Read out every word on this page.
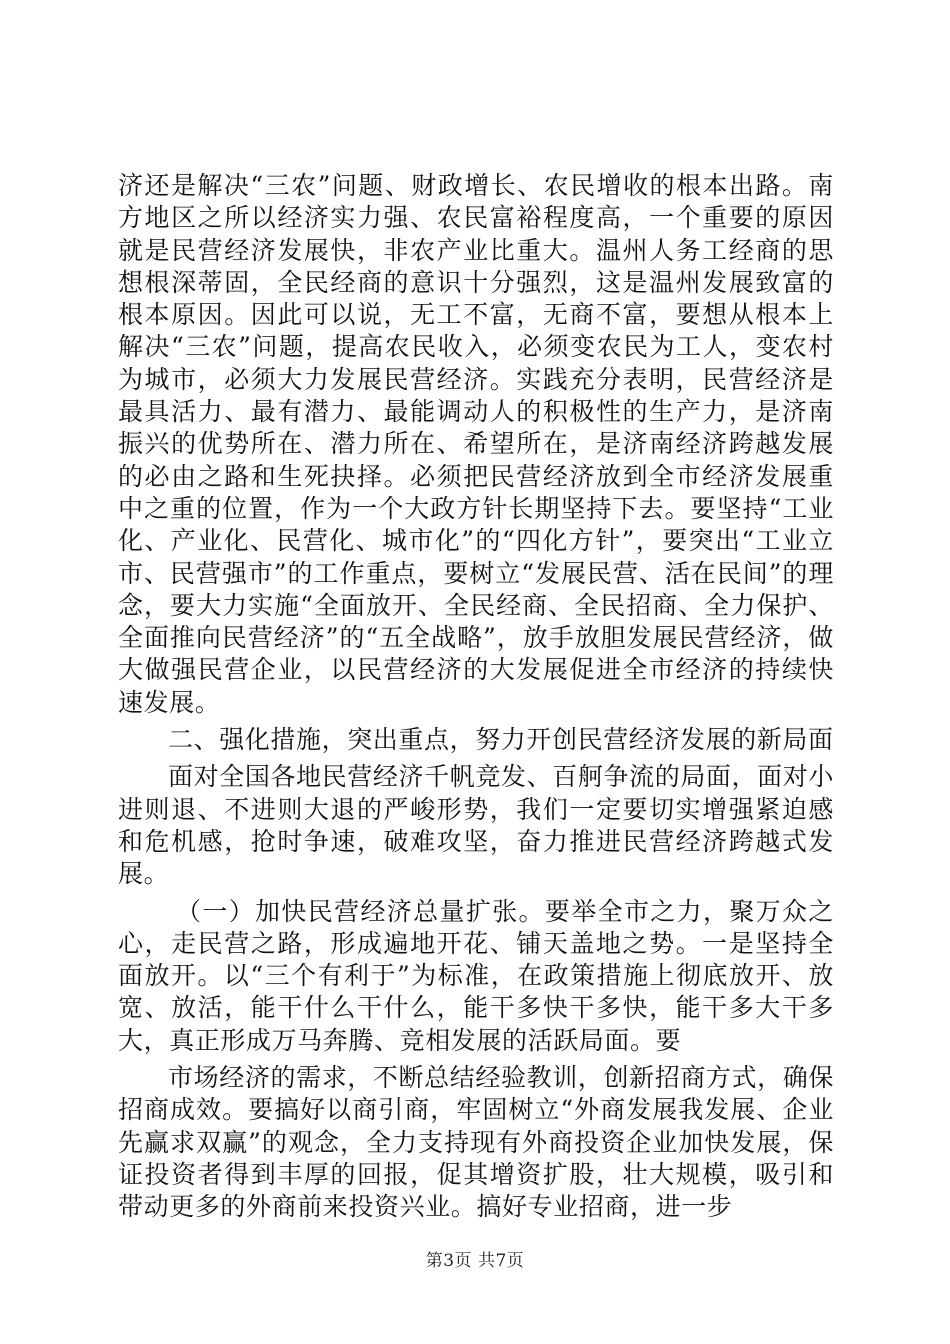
济还是解决“三农”问题、财政增长、农民增收的根本出路。南方地区之所以经济实力强、农民富裕程度高，一个重要的原因就是民营经济发展快，非农产业比重大。温州人务工经商的思想根深蒂固，全民经商的意识十分强烈，这是温州发展致富的根本原因。因此可以说，无工不富，无商不富，要想从根本上解决“三农”问题，提高农民收入，必须变农民为工人，变农村为城市，必须大力发展民营经济。实践充分表明，民营经济是最具活力、最有潜力、最能调动人的积极性的生产力，是济南振兴的优势所在、潜力所在、希望所在，是济南经济跨越发展的必由之路和生死抉择。必须把民营经济放到全市经济发展重中之重的位置，作为一个大政方针长期坚持下去。要坚持“工业化、产业化、民营化、城市化”的“四化方针”，要突出“工业立市、民营强市”的工作重点，要树立“发展民营、活在民间”的理念，要大力实施“全面放开、全民经商、全民招商、全力保护、全面推向民营经济”的“五全战略”，放手放胆发展民营经济，做大做强民营企业，以民营经济的大发展促进全市经济的持续快速发展。

二、强化措施，突出重点，努力开创民营经济发展的新局面

面对全国各地民营经济千帆竞发、百舸争流的局面，面对小进则退、不进则大退的严峻形势，我们一定要切实增强紧迫感和危机感，抢时争速，破难攻坚，奋力推进民营经济跨越式发展。

（一）加快民营经济总量扩张。要举全市之力，聚万众之心，走民营之路，形成遍地开花、铺天盖地之势。一是坚持全面放开。以“三个有利于”为标准，在政策措施上彻底放开、放宽、放活，能干什么干什么，能干多快干多快，能干多大干多大，真正形成万马奔腾、竞相发展的活跃局面。要

市场经济的需求，不断总结经验教训，创新招商方式，确保招商成效。要搞好以商引商，牢固树立“外商发展我发展、企业先赢求双赢”的观念，全力支持现有外商投资企业加快发展，保证投资者得到丰厚的回报，促其增资扩股，壮大规模，吸引和带动更多的外商前来投资兴业。搞好专业招商，进一步

第3页 共7页
